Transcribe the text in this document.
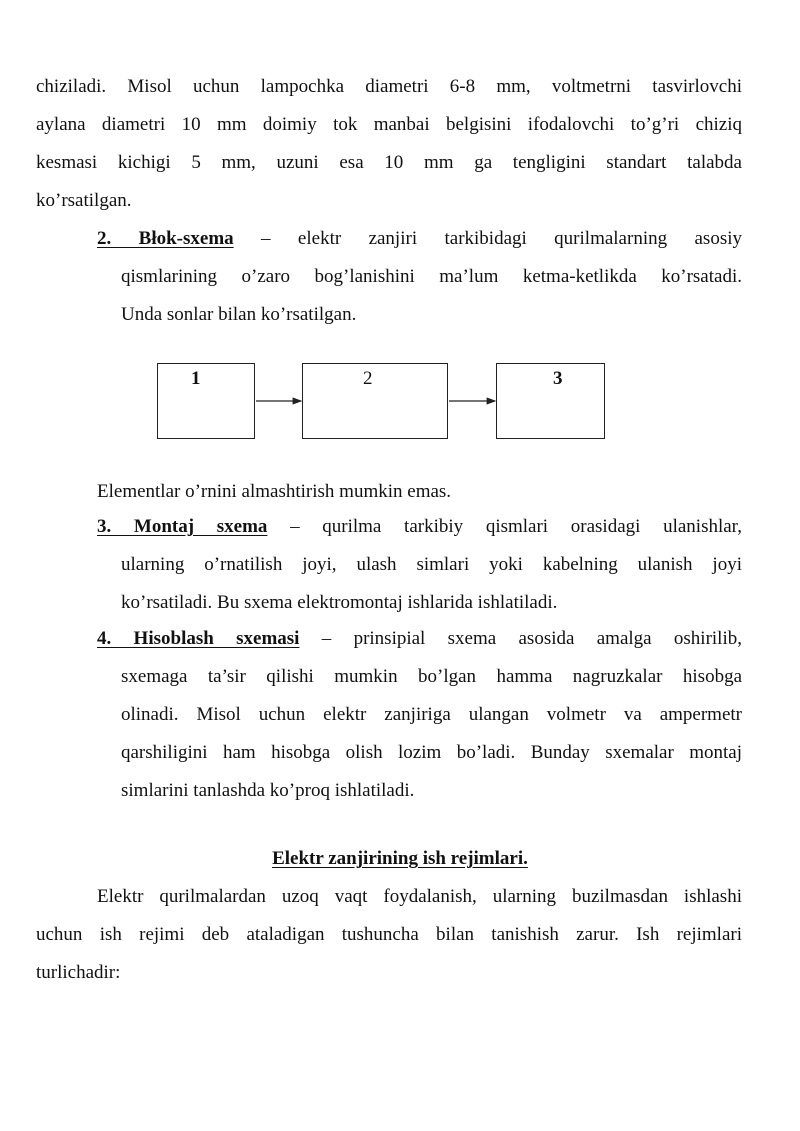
chiziladi. Misol uchun lampochka diametri 6-8 mm, voltmetrni tasvirlovchi
aylana diametri 10 mm doimiy tok manbai belgisini ifodalovchi to’g’ri chiziq
kesmasi kichigi 5 mm, uzuni esa 10 mm ga tengligini standart talabda
ko’rsatilgan.
2. Błok-sxema – elektr zanjiri tarkibidagi qurilmalarning asosiy
qismlarining o’zaro bog’lanishini ma’lum ketma-ketlikda ko’rsatadi.
Unda sonlar bilan ko’rsatilgan.
1	2	3
Elementlar o’rnini almashtirish mumkin emas.
3. Montaj sxema – qurilma tarkibiy qismlari orasidagi ulanishlar,
ularning o’rnatilish joyi, ulash simlari yoki kabelning ulanish joyi
ko’rsatiladi. Bu sxema elektromontaj ishlarida ishlatiladi.
4. Hisoblash sxemasi – prinsipial sxema asosida amalga oshirilib,
sxemaga ta’sir qilishi mumkin bo’lgan hamma nagruzkalar hisobga
olinadi. Misol uchun elektr zanjiriga ulangan volmetr va ampermetr
qarshiligini ham hisobga olish lozim bo’ladi. Bunday sxemalar montaj
simlarini tanlashda ko’proq ishlatiladi.
Elektr zanjirining ish rejimlari.
Elektr qurilmalardan uzoq vaqt foydalanish, ularning buzilmasdan ishlashi
uchun ish rejimi deb ataladigan tushuncha bilan tanishish zarur. Ish rejimlari
turlichadir:
